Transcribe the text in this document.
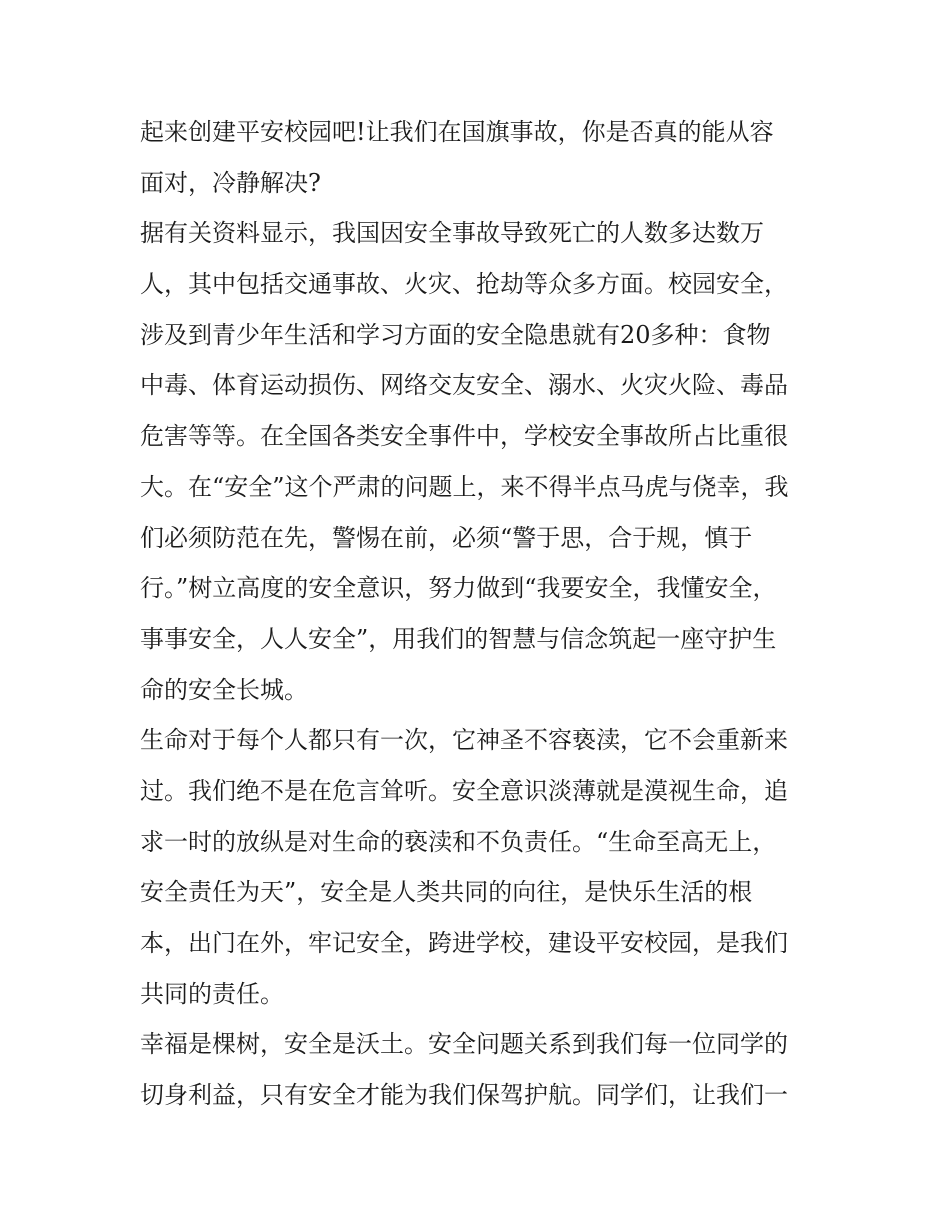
起来创建平安校园吧!让我们在国旗事故，你是否真的能从容
面对，冷静解决?
据有关资料显示，我国因安全事故导致死亡的人数多达数万
人，其中包括交通事故、火灾、抢劫等众多方面。校园安全，
涉及到青少年生活和学习方面的安全隐患就有20多种：食物
中毒、体育运动损伤、网络交友安全、溺水、火灾火险、毒品
危害等等。在全国各类安全事件中，学校安全事故所占比重很
大。在“安全”这个严肃的问题上，来不得半点马虎与侥幸，我
们必须防范在先，警惕在前，必须“警于思，合于规，慎于
行。”树立高度的安全意识，努力做到“我要安全，我懂安全，
事事安全，人人安全”，用我们的智慧与信念筑起一座守护生
命的安全长城。
生命对于每个人都只有一次，它神圣不容亵渎，它不会重新来
过。我们绝不是在危言耸听。安全意识淡薄就是漠视生命，追
求一时的放纵是对生命的亵渎和不负责任。“生命至高无上，
安全责任为天”，安全是人类共同的向往，是快乐生活的根
本，出门在外，牢记安全，跨进学校，建设平安校园，是我们
共同的责任。
幸福是棵树，安全是沃土。安全问题关系到我们每一位同学的
切身利益，只有安全才能为我们保驾护航。同学们，让我们一
